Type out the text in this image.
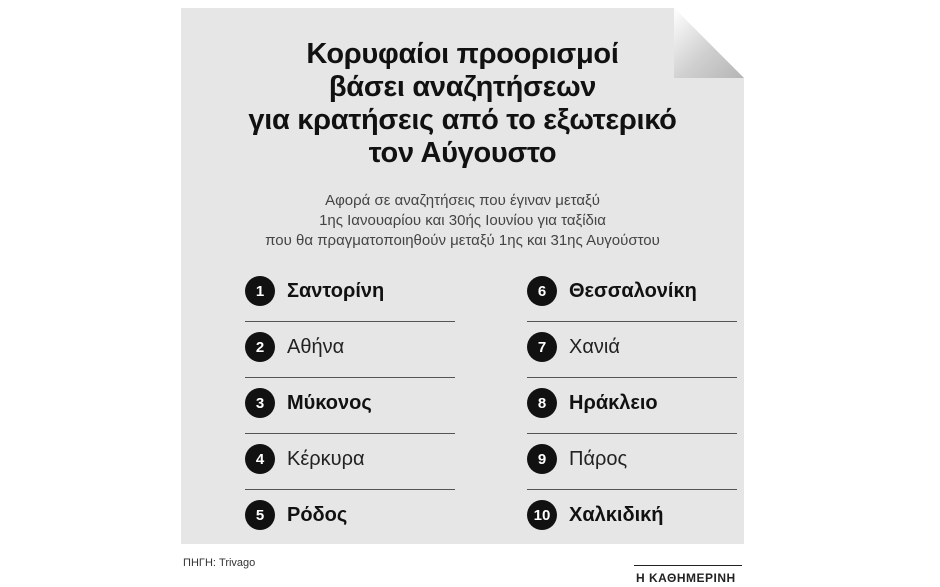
Κορυφαίοι προορισμοί
βάσει αναζητήσεων
για κρατήσεις από το εξωτερικό
τον Αύγουστο
Αφορά σε αναζητήσεις που έγιναν μεταξύ
1ης Ιανουαρίου και 30ής Ιουνίου για ταξίδια
που θα πραγματοποιηθούν μεταξύ 1ης και 31ης Αυγούστου
1	Σαντορίνη
2	Αθήνα
3	Μύκονος
4	Κέρκυρα
5	Ρόδος
6	Θεσσαλονίκη
7	Χανιά
8	Ηράκλειο
9	Πάρος
10 Χαλκιδική
ΠΗΓΗ: Trivago
Η ΚΑΘΗΜΕΡΙΝΗ
